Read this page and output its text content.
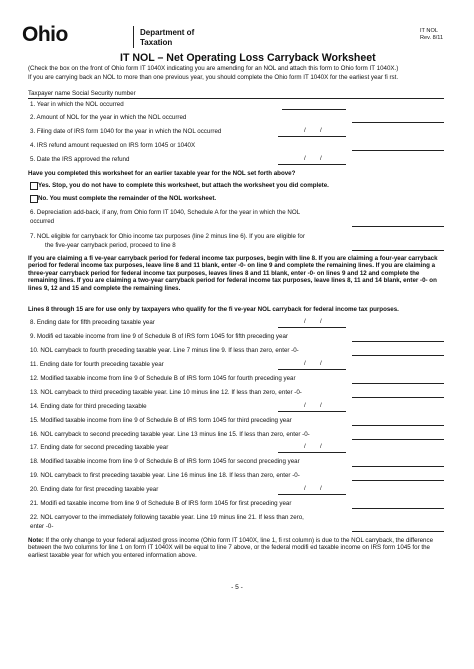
Ohio	Department of
Taxation
IT NOL
Rev. 8/11
IT NOL – Net Operating Loss Carryback Worksheet
(Check the box on the front of Ohio form IT 1040X indicating you are amending for an NOL and attach this form to Ohio form IT 1040X.)
If you are carrying back an NOL to more than one previous year, you should complete the Ohio form IT 1040X for the earliest year fi rst.
Taxpayer name Social Security number
1. Year in which the NOL occurred
2. Amount of NOL for the year in which the NOL occurred
3. Filing date of IRS form 1040 for the year in which the NOL occurred	/ /
4. IRS refund amount requested on IRS form 1045 or 1040X
5. Date the IRS approved the refund	/ /
Have you completed this worksheet for an earlier taxable year for the NOL set forth above?
Yes. Stop, you do not have to complete this worksheet, but attach the worksheet you did complete.
No. You must complete the remainder of the NOL worksheet.
6. Depreciation add-back, if any, from Ohio form IT 1040, Schedule A for the year in which the NOL
occurred
7. NOL eligible for carryback for Ohio income tax purposes (line 2 minus line 6). If you are eligible for
the five-year carryback period, proceed to line 8
If you are claiming a fi ve-year carryback period for federal income tax purposes, begin with line 8. If you are claiming a four-year carryback period for federal income tax purposes, leave line 8 and 11 blank, enter -0- on line 9 and complete the remaining lines. If you are claiming a three-year carryback period for federal income tax purposes, leaves lines 8 and 11 blank, enter -0- on lines 9 and 12 and complete the remaining lines. If you are claiming a two-year carryback period for federal income tax purposes, leave lines 8, 11 and 14 blank, enter -0- on lines 9, 12 and 15 and complete the remaining lines.
Lines 8 through 15 are for use only by taxpayers who qualify for the fi ve-year NOL carryback for federal income tax purposes.
8. Ending date for fifth preceding taxable year	/ /
9. Modifi ed taxable income from line 9 of Schedule B of IRS form 1045 for fifth preceding year
10. NOL carryback to fourth preceding taxable year. Line 7 minus line 9. If less than zero, enter -0-
11. Ending date for fourth preceding taxable year	/ /
12. Modified taxable income from line 9 of Schedule B of IRS form 1045 for fourth preceding year
13. NOL carryback to third preceding taxable year. Line 10 minus line 12. If less than zero, enter -0-
14. Ending date for third preceding taxable	/ /
15. Modified taxable income from line 9 of Schedule B of IRS form 1045 for third preceding year
16. NOL carryback to second preceding taxable year. Line 13 minus line 15. If less than zero, enter -0-
17. Ending date for second preceding taxable year	/ /
18. Modified taxable income from line 9 of Schedule B of IRS form 1045 for second preceding year
19. NOL carryback to first preceding taxable year. Line 16 minus line 18. If less than zero, enter -0-
20. Ending date for first preceding taxable year	/ /
21. Modifi ed taxable income from line 9 of Schedule B of IRS form 1045 for first preceding year
22. NOL carryover to the immediately following taxable year. Line 19 minus line 21. If less than zero,
enter -0-
Note: If the only change to your federal adjusted gross income (Ohio form IT 1040X, line 1, fi rst column) is due to the NOL carryback, the difference between the two columns for line 1 on form IT 1040X will be equal to line 7 above, or the federal modifi ed taxable income on IRS form 1045 for the earliest taxable year for which you entered information above.
- 5 -
